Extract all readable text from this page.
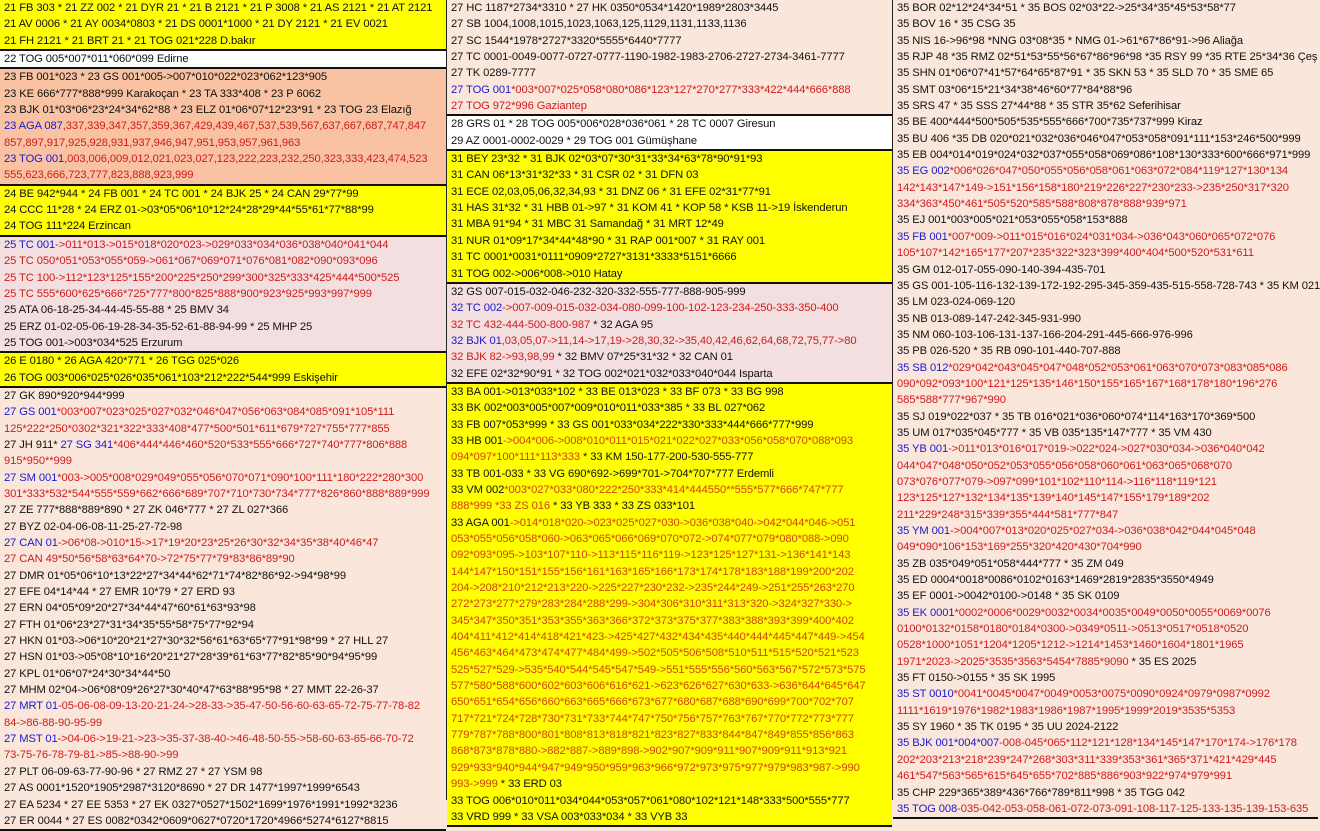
21 FB 303 * 21 ZZ 002 * 21 DYR 21 * 21 B 2121 * 21 P 3008 * 21 AS 2121 * 21 AT 2121
21 AV 0006 * 21 AY 0034*0803 * 21 DS 0001*1000 * 21 DY 2121 * 21 EV 0021
21 FH 2121 * 21 BRT 21 * 21 TOG 021*228 D.bakır
22 TOG 005*007*011*060*099 Edirne
23 FB 001*023 * 23 GS 001*005->007*010*022*023*062*123*905
23 KE 666*777*888*999 Karakoçan * 23 TA 333*408 * 23 P 6062
23 BJK 01*03*06*23*24*34*62*88 * 23 ELZ 01*06*07*12*23*91 * 23 TOG 23 Elazığ
23 AGA 087,337,339,347,357,359,367,429,439,467,537,539,567,637,667,687,747,847
857,897,917,925,928,931,937,946,947,951,953,957,961,963
23 TOG 001,003,006,009,012,021,023,027,123,222,223,232,250,323,333,423,474,523
555,623,666,723,777,823,888,923,999
24 BE 942*944 * 24 FB 001 * 24 TC 001 * 24 BJK 25 * 24 CAN 29*77*99
24 CCC 11*28 * 24 ERZ 01->03*05*06*10*12*24*28*29*44*55*61*77*88*99
24 TOG 111*224 Erzincan
25 TC 001->011*013->015*018*020*023->029*033*034*036*038*040*041*044
25 TC 050*051*053*055*059->061*067*069*071*076*081*082*090*093*096
25 TC 100->112*123*125*155*200*225*250*299*300*325*333*425*444*500*525
25 TC 555*600*625*666*725*777*800*825*888*900*923*925*993*997*999
25 ATA 06-18-25-34-44-45-55-88 * 25 BMV 34
25 ERZ 01-02-05-06-19-28-34-35-52-61-88-94-99 * 25 MHP 25
25 TOG 001->003*034*525 Erzurum
26 E 0180 * 26 AGA 420*771 * 26 TGG 025*026
26 TOG 003*006*025*026*035*061*103*212*222*544*999 Eskişehir
27 GK 890*920*944*999
27 GS 001*003*007*023*025*027*032*046*047*056*063*084*085*091*105*111
125*222*250*0302*321*322*333*408*477*500*501*611*679*727*755*777*855
27 JH 911* 27 SG 341*406*444*446*460*520*533*555*666*727*740*777*806*888
915*950**999
27 SM 001*003->005*008*029*049*055*056*070*071*090*100*111*180*222*280*300
301*333*532*544*555*559*662*666*689*707*710*730*734*777*826*860*888*889*999
27 ZE 777*888*889*890 * 27 ZK 046*777 * 27 ZL 027*366
27 BYZ 02-04-06-08-11-25-27-72-98
27 CAN 01->06*08->010*15->17*19*20*23*25*26*30*32*34*35*38*40*46*47
27 CAN 49*50*56*58*63*64*70->72*75*77*79*83*86*89*90
27 DMR 01*05*06*10*13*22*27*34*44*62*71*74*82*86*92->94*98*99
27 EFE 04*14*44 * 27 EMR 10*79 * 27 ERD 93
27 ERN 04*05*09*20*27*34*44*47*60*61*63*93*98
27 FTH 01*06*23*27*31*34*35*55*58*75*77*92*94
27 HKN 01*03->06*10*20*21*27*30*32*56*61*63*65*77*91*98*99 * 27 HLL 27
27 HSN 01*03->05*08*10*16*20*21*27*28*39*61*63*77*82*85*90*94*95*99
27 KPL 01*06*07*24*30*34*44*50
27 MHM 02*04->06*08*09*26*27*30*40*47*63*88*95*98 * 27 MMT 22-26-37
27 MRT 01-05-06-08-09-13-20-21-24->28-33->35-47-50-56-60-63-65-72-75-77-78-82
84->86-88-90-95-99
27 MST 01->04-06->19-21->23->35-37-38-40->46-48-50-55->58-60-63-65-66-70-72
73-75-76-78-79-81->85->88-90->99
27 PLT 06-09-63-77-90-96 * 27 RMZ 27 * 27 YSM 98
27 AS 0001*1520*1905*2987*3120*8690 * 27 DR 1477*1997*1999*6543
27 EA 5234 * 27 EE 5353 * 27 EK 0327*0527*1502*1699*1976*1991*1992*3236
27 ER 0044 * 27 ES 0082*0342*0609*0627*0720*1720*4966*5274*6127*8815
27 HC 1187*2734*3310 * 27 HK 0350*0534*1420*1989*2803*3445
27 SB 1004,1008,1015,1023,1063,125,1129,1131,1133,1136
27 SC 1544*1978*2727*3320*5555*6440*7777
27 TC 0001-0049-0077-0727-0777-1190-1982-1983-2706-2727-2734-3461-7777
27 TK 0289-7777
27 TOG 001*003*007*025*058*080*086*123*127*270*277*333*422*444*666*888
27 TOG 972*996 Gaziantep
28 GRS 01 * 28 TOG 005*006*028*036*061 * 28 TC 0007 Giresun
29 AZ 0001-0002-0029 * 29 TOG 001 Gümüşhane
31 BEY 23*32 * 31 BJK 02*03*07*30*31*33*34*63*78*90*91*93
31 CAN 06*13*31*32*33 * 31 CSR 02 * 31 DFN 03
31 ECE 02,03,05,06,32,34,93 * 31 DNZ 06 * 31 EFE 02*31*77*91
31 HAS 31*32 * 31 HBB 01->97 * 31 KOM 41 * KOP 58 * KSB 11->19 İskenderun
31 MBA 91*94 * 31 MBC 31 Samandağ * 31 MRT 12*49
31 NUR 01*09*17*34*44*48*90 * 31 RAP 001*007 * 31 RAY 001
31 TC 0001*0031*0111*0909*2727*3131*3333*5151*6666
31 TOG 002->006*008->010 Hatay
32 GS 007-015-032-046-232-320-332-555-777-888-905-999
32 TC 002->007-009-015-032-034-080-099-100-102-123-234-250-333-350-400
32 TC 432-444-500-800-987 * 32 AGA 95
32 BJK 01,03,05,07->11,14->17,19->28,30,32->35,40,42,46,62,64,68,72,75,77->80
32 BJK 82->93,98,99 * 32 BMV 07*25*31*32 * 32 CAN 01
32 EFE 02*32*90*91 * 32 TOG 002*021*032*033*040*044 Isparta
33 BA 001->013*033*102 * 33 BE 013*023 * 33 BF 073 * 33 BG 998
33 BK 002*003*005*007*009*010*011*033*385 * 33 BL 027*062
33 FB 007*053*999 * 33 GS 001*033*034*222*330*333*444*666*777*999
33 HB 001->004*006->008*010*011*015*021*022*027*033*056*058*070*088*093
094*097*100*111*113*333 * 33 KM 150-177-200-530-555-777
33 TB 001-033 * 33 VG 690*692->699*701->704*707*777 Erdemli
33 VM 002*003*027*033*080*222*250*333*414*444550**555*577*666*747*777
888*999 *33 ZS 016 * 33 YB 333 * 33 ZS 033*101
33 AGA 001->014*018*020->023*025*027*030->036*038*040->042*044*046->051
053*055*056*058*060->063*065*066*069*070*072->074*077*079*080*088->090
092*093*095->103*107*110->113*115*116*119->123*125*127*131->136*141*143
144*147*150*151*155*156*161*163*165*166*173*174*178*183*188*199*200*202
204->208*210*212*213*220->225*227*230*232->235*244*249->251*255*263*270
272*273*277*279*283*284*288*299->304*306*310*311*313*320->324*327*330->
345*347*350*351*353*355*363*366*372*373*375*377*383*388*393*399*400*402
404*411*412*414*418*421*423->425*427*432*434*435*440*444*445*447*449->454
456*463*464*473*474*477*484*499->502*505*506*508*510*511*515*520*521*523
525*527*529->535*540*544*545*547*549->551*555*556*560*563*567*572*573*575
577*580*588*600*602*603*606*616*621->623*626*627*630*633->636*644*645*647
650*651*654*656*660*663*665*666*673*677*680*687*688*690*699*700*702*707
717*721*724*728*730*731*733*744*747*750*756*757*763*767*770*772*773*777
779*787*788*800*801*808*813*818*821*823*827*833*844*847*849*855*856*863
868*873*878*880->882*887->889*898->902*907*909*911*907*909*911*913*921
929*933*940*944*947*949*950*959*963*966*972*973*975*977*979*983*987->990
993->999 * 33 ERD 03
33 TOG 006*010*011*034*044*053*057*061*080*102*121*148*333*500*555*777
33 VRD 999 * 33 VSA 003*033*034 * 33 VYB 33
35 BOR 02*12*24*34*51 * 35 BOS 02*03*22->25*34*35*45*53*58*77
35 BOV 16 * 35 CSG 35
35 NIS 16->96*98 *NNG 03*08*35 * NMG 01->61*67*86*91->96 Aliağa
35 RJP 48 *35 RMZ 02*51*53*55*56*67*86*96*98 *35 RSY 99 *35 RTE 25*34*36 Çeş
35 SHN 01*06*07*41*57*64*65*87*91 * 35 SKN 53 * 35 SLD 70 * 35 SME 65
35 SMT 03*06*15*21*34*38*46*60*77*84*88*96
35 SRS 47 * 35 SSS 27*44*88 * 35 STR 35*62 Seferihisar
35 BE 400*444*500*505*535*555*666*700*735*737*999 Kiraz
35 BU 406 *35 DB 020*021*032*036*046*047*053*058*091*111*153*246*500*999
35 EB 004*014*019*024*032*037*055*058*069*086*108*130*333*600*666*971*999
35 EG 002*006*026*047*050*055*056*058*061*063*072*084*119*127*130*134
142*143*147*149->151*156*158*180*219*226*227*230*233->235*250*317*320
334*363*450*461*505*520*585*588*808*878*888*939*971
35 EJ 001*003*005*021*053*055*058*153*888
35 FB 001*007*009->011*015*016*024*031*034->036*043*060*065*072*076
105*107*142*165*177*207*235*322*323*399*400*404*500*520*531*611
35 GM 012-017-055-090-140-394-435-701
35 GS 001-105-116-132-139-172-192-295-345-359-435-515-558-728-743 * 35 KM 021
35 LM 023-024-069-120
35 NB 013-089-147-242-345-931-990
35 NM 060-103-106-131-137-166-204-291-445-666-976-996
35 PB 026-520 * 35 RB 090-101-440-707-888
35 SB 012*029*042*043*045*047*048*052*053*061*063*070*073*083*085*086
090*092*093*100*121*125*135*146*150*155*165*167*168*178*180*196*276
585*588*777*967*990
35 SJ 019*022*037 * 35 TB 016*021*036*060*074*114*163*170*369*500
35 UM 017*035*045*777 * 35 VB 035*135*147*777 * 35 VM 430
35 YB 001->011*013*016*017*019->022*024->027*030*034->036*040*042
044*047*048*050*052*053*055*056*058*060*061*063*065*068*070
073*076*077*079->097*099*101*102*110*114->116*118*119*121
123*125*127*132*134*135*139*140*145*147*155*179*189*202
211*229*248*315*339*355*444*581*777*847
35 YM 001->004*007*013*020*025*027*034->036*038*042*044*045*048
049*090*106*153*169*255*320*420*430*704*990
35 ZB 035*049*051*058*444*777 * 35 ZM 049
35 ED 0004*0018*0086*0102*0163*1469*2819*2835*3550*4949
35 EF 0001->0042*0100->0148 * 35 SK 0109
35 EK 0001*0002*0006*0029*0032*0034*0035*0049*0050*0055*0069*0076
0100*0132*0158*0180*0184*0300->0349*0511->0513*0517*0518*0520
0528*1000*1051*1204*1205*1212->1214*1453*1460*1604*1801*1965
1971*2023->2025*3535*3563*5454*7885*9090 * 35 ES 2025
35 FT 0150->0155 * 35 SK 1995
35 ST 0010*0041*0045*0047*0049*0053*0075*0090*0924*0979*0987*0992
1111*1619*1976*1982*1983*1986*1987*1995*1999*2019*3535*5353
35 SY 1960 * 35 TK 0195 * 35 UU 2024-2122
35 BJK 001*004*007-008-045*065*112*121*128*134*145*147*170*174->176*178
202*203*213*218*239*247*268*303*311*339*353*361*365*371*421*429*445
461*547*563*565*615*645*655*702*885*886*903*922*974*979*991
35 CHP 229*365*389*436*766*789*811*998 * 35 TGG 042
35 TOG 008-035-042-053-058-061-072-073-091-108-117-125-133-135-139-153-635
